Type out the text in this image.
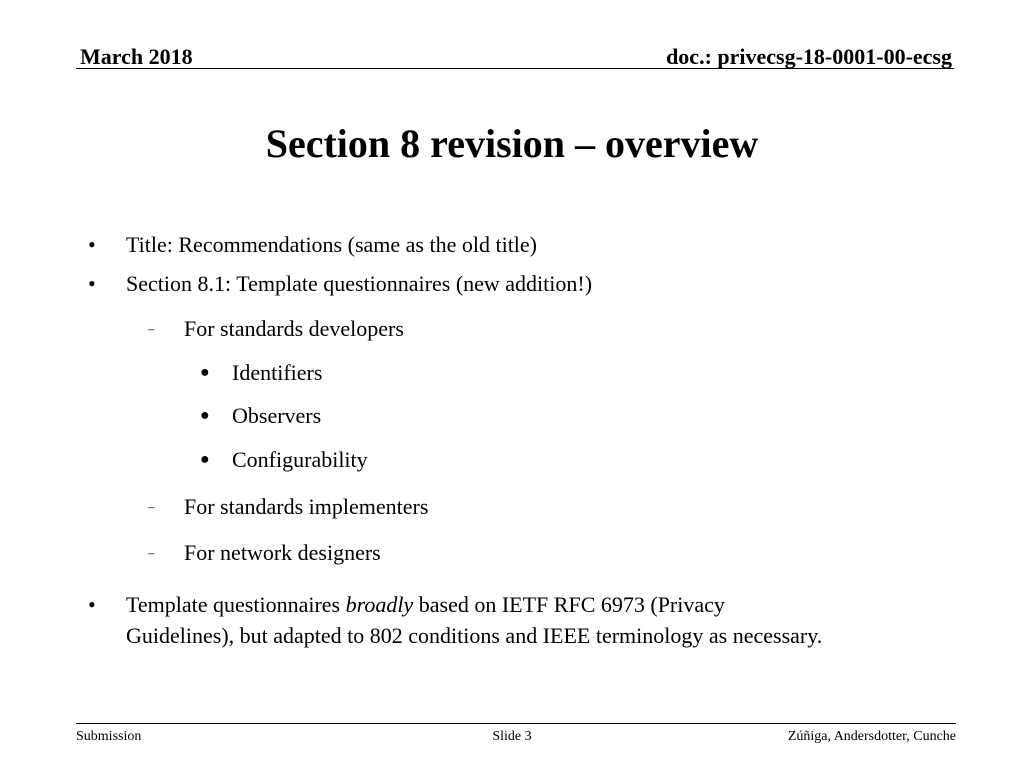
March 2018	doc.: privecsg-18-0001-00-ecsg
Section 8 revision – overview
• Title: Recommendations (same as the old title)
• Section 8.1: Template questionnaires (new addition!)
– For standards developers
● Identifiers
● Observers
● Configurability
– For standards implementers
– For network designers
• Template questionnaires broadly based on IETF RFC 6973 (Privacy
Guidelines), but adapted to 802 conditions and IEEE terminology as necessary.
Submission	Slide 3	Zúñiga, Andersdotter, Cunche
